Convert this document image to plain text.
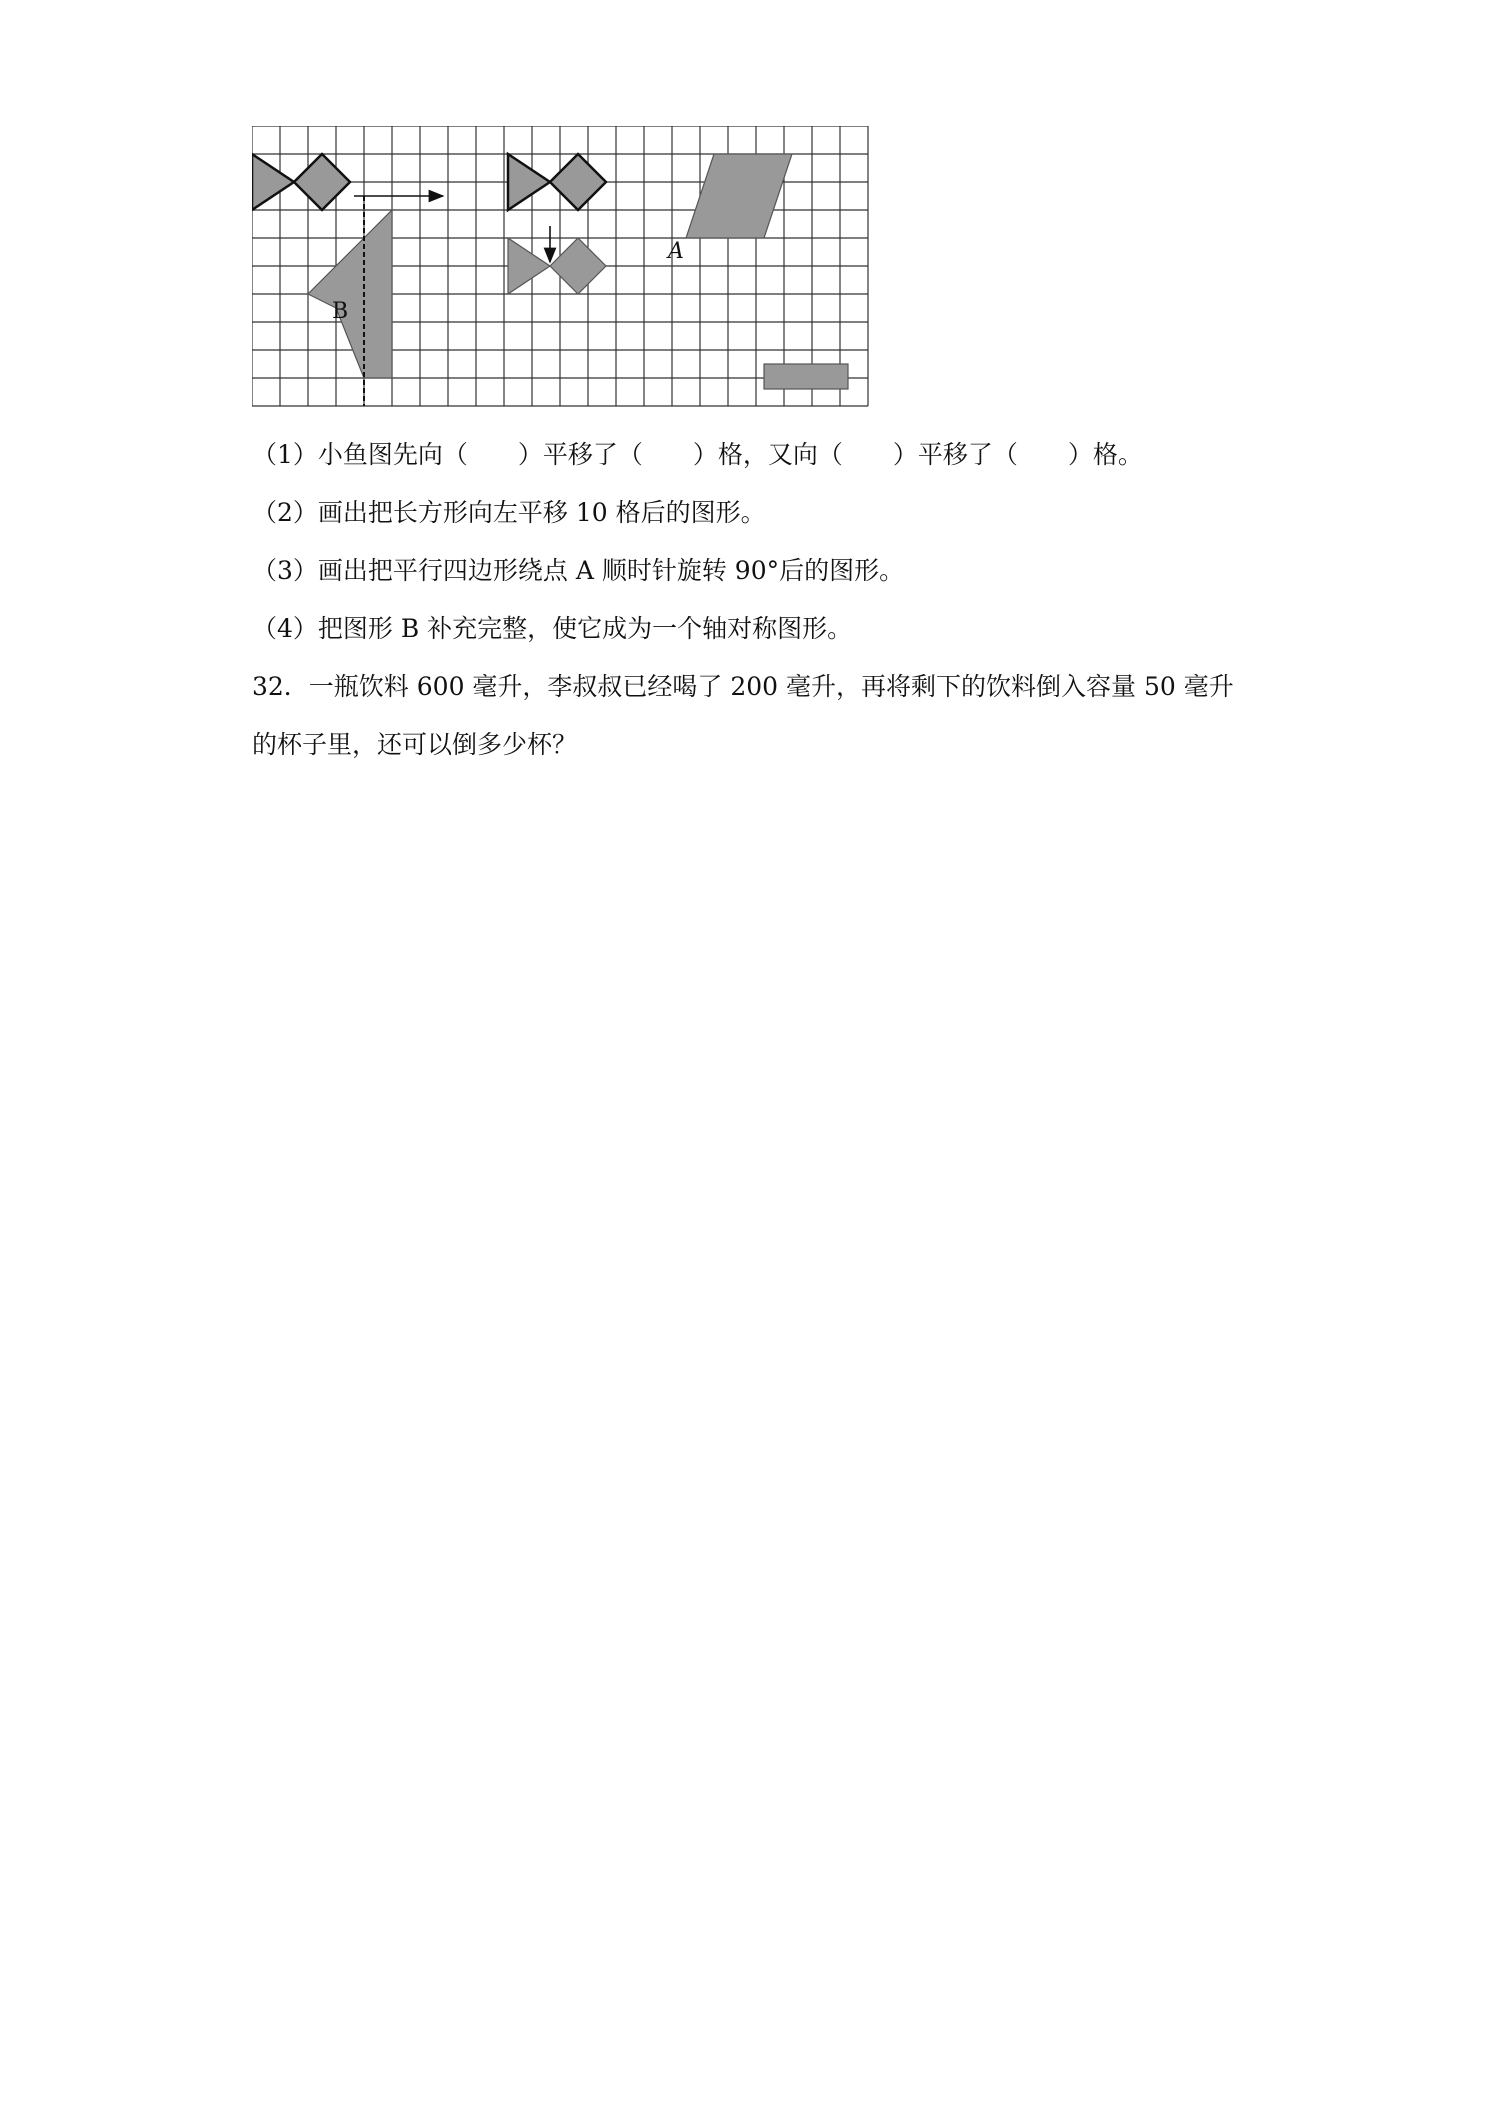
A
B
（1）小鱼图先向（　　）平移了（　　）格，又向（　　）平移了（　　）格。
（2）画出把长方形向左平移 10 格后的图形。
（3）画出把平行四边形绕点 A 顺时针旋转 90°后的图形。
（4）把图形 B 补充完整，使它成为一个轴对称图形。
32．一瓶饮料 600 毫升，李叔叔已经喝了 200 毫升，再将剩下的饮料倒入容量 50 毫升
的杯子里，还可以倒多少杯？
